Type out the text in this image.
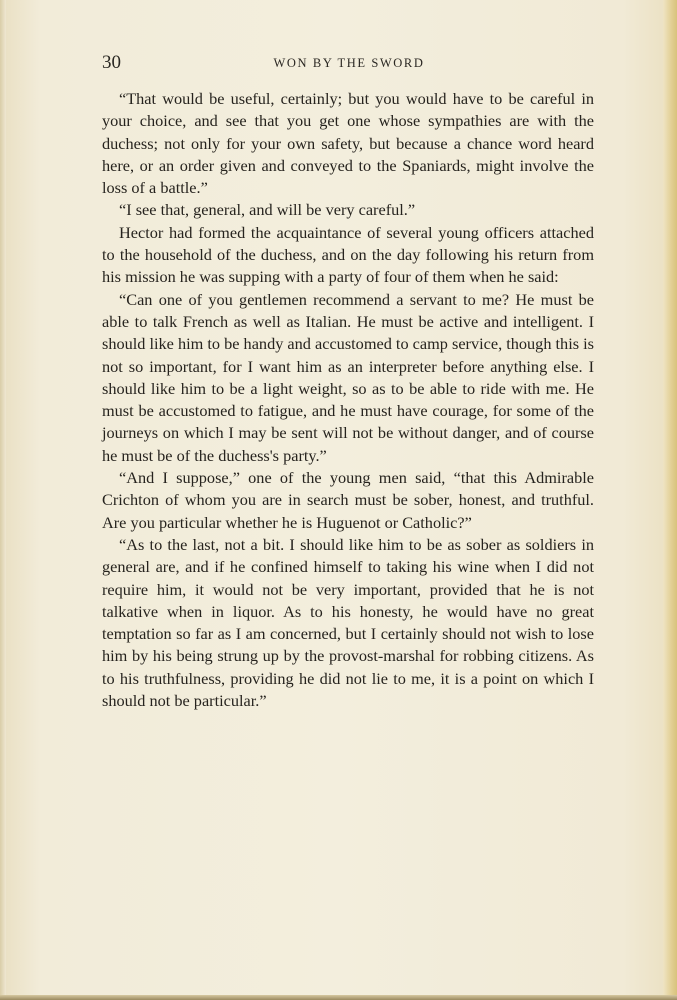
30	WON BY THE SWORD

“That would be useful, certainly; but you would have to be careful in your choice, and see that you get one whose sympathies are with the duchess; not only for your own safety, but because a chance word heard here, or an order given and conveyed to the Spaniards, might involve the loss of a battle.”

“I see that, general, and will be very careful.”

Hector had formed the acquaintance of several young officers attached to the household of the duchess, and on the day following his return from his mission he was supping with a party of four of them when he said:

“Can one of you gentlemen recommend a servant to me? He must be able to talk French as well as Italian. He must be active and intelligent. I should like him to be handy and accustomed to camp service, though this is not so important, for I want him as an interpreter before anything else. I should like him to be a light weight, so as to be able to ride with me. He must be accustomed to fatigue, and he must have courage, for some of the journeys on which I may be sent will not be without danger, and of course he must be of the duchess's party.”

“And I suppose,” one of the young men said, “that this Admirable Crichton of whom you are in search must be sober, honest, and truthful. Are you particular whether he is Huguenot or Catholic?”

“As to the last, not a bit. I should like him to be as sober as soldiers in general are, and if he confined himself to taking his wine when I did not require him, it would not be very important, provided that he is not talkative when in liquor. As to his honesty, he would have no great temptation so far as I am concerned, but I certainly should not wish to lose him by his being strung up by the provost-marshal for robbing citizens. As to his truthfulness, providing he did not lie to me, it is a point on which I should not be particular.”
